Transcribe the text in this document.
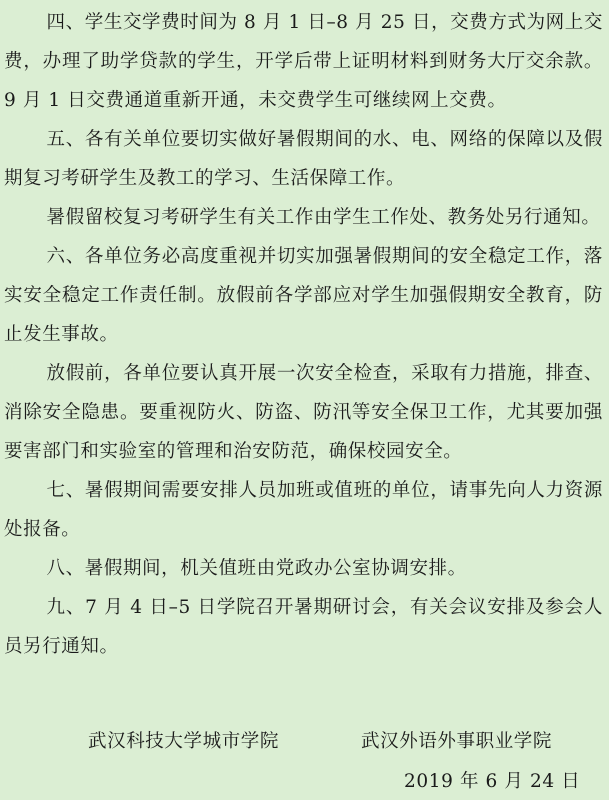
四、学生交学费时间为 8 月 1 日–8 月 25 日，交费方式为网上交费，办理了助学贷款的学生，开学后带上证明材料到财务大厅交余款。9 月 1 日交费通道重新开通，未交费学生可继续网上交费。

五、各有关单位要切实做好暑假期间的水、电、网络的保障以及假期复习考研学生及教工的学习、生活保障工作。

暑假留校复习考研学生有关工作由学生工作处、教务处另行通知。

六、各单位务必高度重视并切实加强暑假期间的安全稳定工作，落实安全稳定工作责任制。放假前各学部应对学生加强假期安全教育，防止发生事故。

放假前，各单位要认真开展一次安全检查，采取有力措施，排查、消除安全隐患。要重视防火、防盗、防汛等安全保卫工作，尤其要加强要害部门和实验室的管理和治安防范，确保校园安全。

七、暑假期间需要安排人员加班或值班的单位，请事先向人力资源处报备。

八、暑假期间，机关值班由党政办公室协调安排。

九、7 月 4 日–5 日学院召开暑期研讨会，有关会议安排及参会人员另行通知。

武汉科技大学城市学院	武汉外语外事职业学院
2019 年 6 月 24 日
